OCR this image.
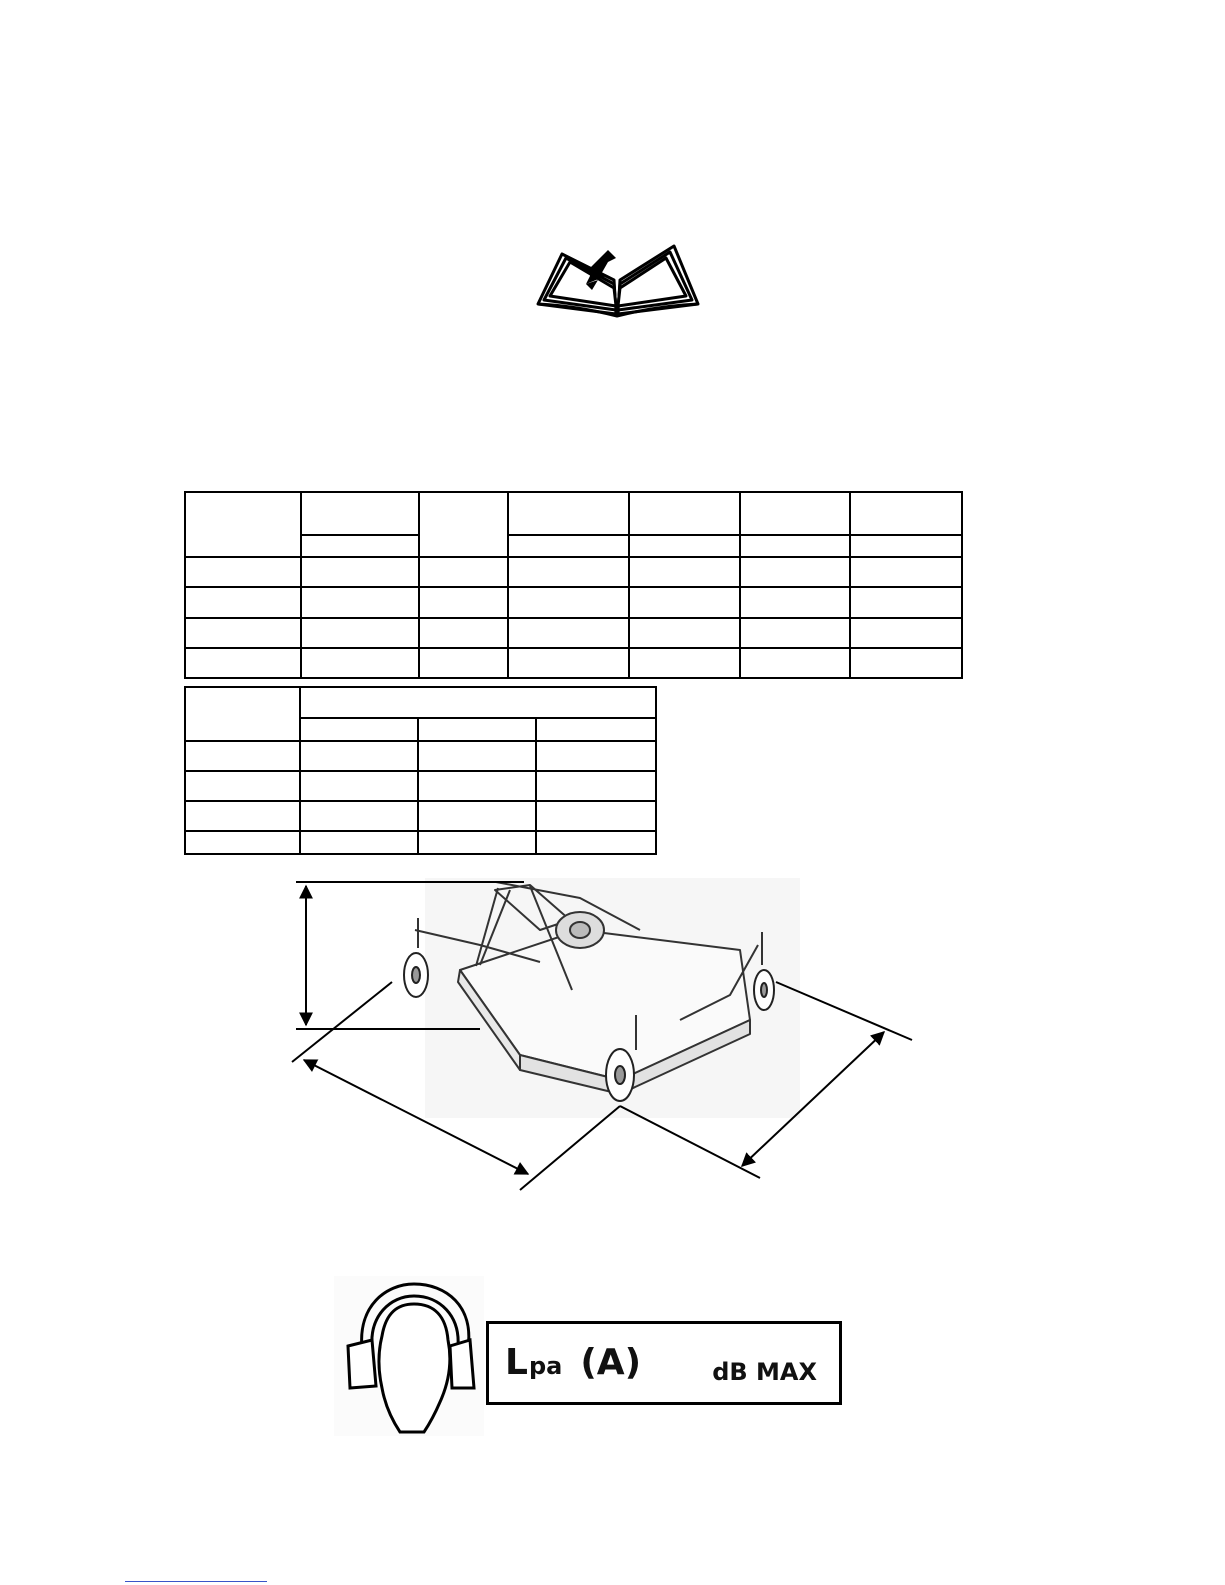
Lpa (A)	dB MAX
